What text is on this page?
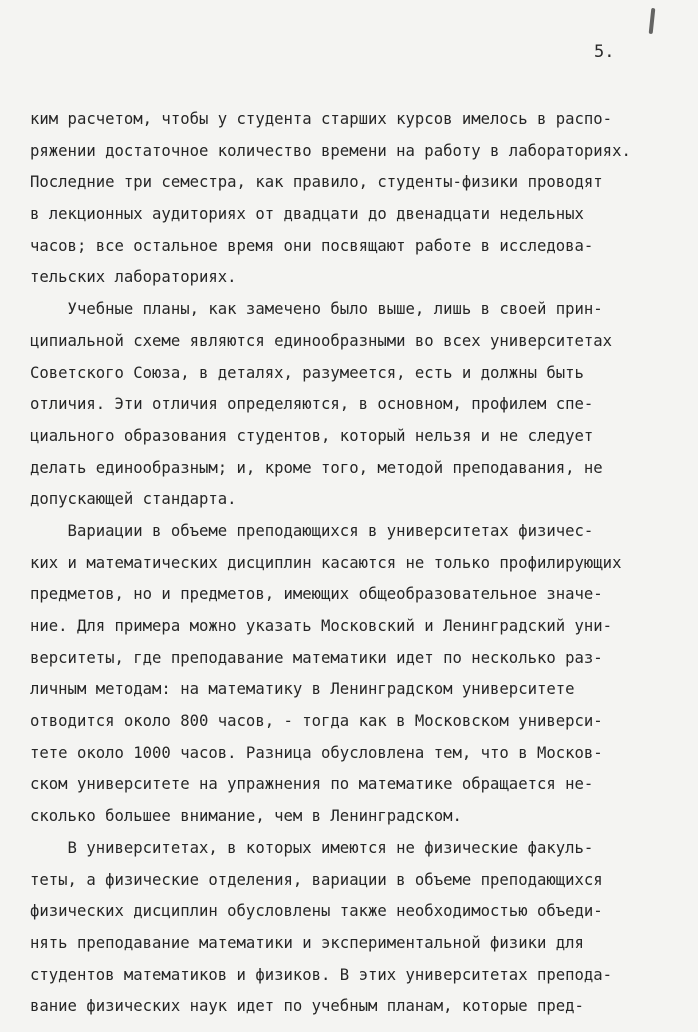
5.

ким расчетом, чтобы у студента старших курсов имелось в распо-

ряжении достаточное количество времени на работу в лабораториях.

Последние три семестра, как правило, студенты-физики проводят

в лекционных аудиториях от двадцати до двенадцати недельных

часов; все остальное время они посвящают работе в исследова-

тельских лабораториях.

Учебные планы, как замечено было выше, лишь в своей прин-

ципиальной схеме являются единообразными во всех университетах

Советского Союза, в деталях, разумеется, есть и должны быть

отличия. Эти отличия определяются, в основном, профилем спе-

циального образования студентов, который нельзя и не следует

делать единообразным; и, кроме того, методой преподавания, не

допускающей стандарта.

Вариации в объеме преподающихся в университетах физичес-

ких и математических дисциплин касаются не только профилирующих

предметов, но и предметов, имеющих общеобразовательное значе-

ние. Для примера можно указать Московский и Ленинградский уни-

верситеты, где преподавание математики идет по несколько раз-

личным методам: на математику в Ленинградском университете

отводится около 800 часов, - тогда как в Московском универси-

тете около 1000 часов. Разница обусловлена тем, что в Москов-

ском университете на упражнения по математике обращается не-

сколько большее внимание, чем в Ленинградском.

В университетах, в которых имеются не физические факуль-

теты, а физические отделения, вариации в объеме преподающихся

физических дисциплин обусловлены также необходимостью объеди-

нять преподавание математики и экспериментальной физики для

студентов математиков и физиков. В этих университетах препода-

вание физических наук идет по учебным планам, которые пред-
